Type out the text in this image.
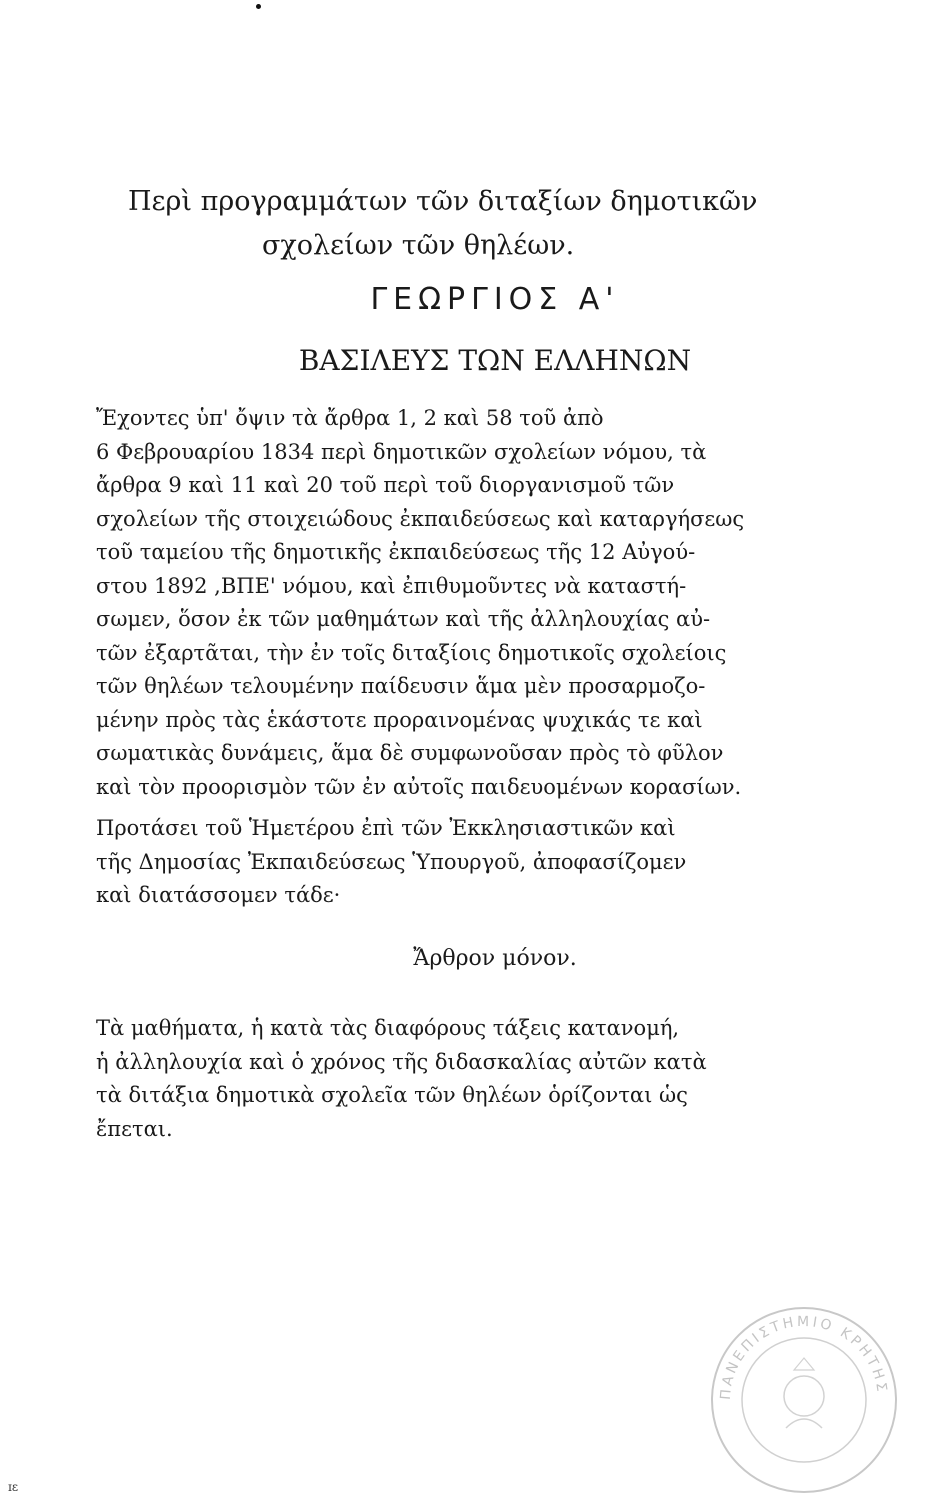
Περὶ προγραμμάτων τῶν διταξίων δημοτικῶν
σχολείων τῶν θηλέων.
ΓΕΩΡΓΙΟΣ Α'
ΒΑΣΙΛΕΥΣ ΤΩΝ ΕΛΛΗΝΩΝ
Ἔχοντες ὑπ' ὄψιν τὰ ἄρθρα 1, 2 καὶ 58 τοῦ ἀπὸ
6 Φεβρουαρίου 1834 περὶ δημοτικῶν σχολείων νόμου, τὰ
ἄρθρα 9 καὶ 11 καὶ 20 τοῦ περὶ τοῦ διοργανισμοῦ τῶν
σχολείων τῆς στοιχειώδους ἐκπαιδεύσεως καὶ καταργήσεως
τοῦ ταμείου τῆς δημοτικῆς ἐκπαιδεύσεως τῆς 12 Αὐγού-
στου 1892 ,ΒΠΕ' νόμου, καὶ ἐπιθυμοῦντες νὰ καταστή-
σωμεν, ὅσον ἐκ τῶν μαθημάτων καὶ τῆς ἀλληλουχίας αὐ-
τῶν ἐξαρτᾶται, τὴν ἐν τοῖς διταξίοις δημοτικοῖς σχολείοις
τῶν θηλέων τελουμένην παίδευσιν ἅμα μὲν προσαρμοζο-
μένην πρὸς τὰς ἑκάστοτε προραινομένας ψυχικάς τε καὶ
σωματικὰς δυνάμεις, ἅμα δὲ συμφωνοῦσαν πρὸς τὸ φῦλον
καὶ τὸν προορισμὸν τῶν ἐν αὐτοῖς παιδευομένων κορασίων.
Προτάσει τοῦ Ἡμετέρου ἐπὶ τῶν Ἐκκλησιαστικῶν καὶ
τῆς Δημοσίας Ἐκπαιδεύσεως Ὑπουργοῦ, ἀποφασίζομεν
καὶ διατάσσομεν τάδε·
Ἄρθρον μόνον.
Τὰ μαθήματα, ἡ κατὰ τὰς διαφόρους τάξεις κατανομή,
ἡ ἀλληλουχία καὶ ὁ χρόνος τῆς διδασκαλίας αὐτῶν κατὰ
τὰ διτάξια δημοτικὰ σχολεῖα τῶν θηλέων ὁρίζονται ὡς
ἔπεται.
ΠΑΝΕΠΙΣΤΗΜΙΟ ΚΡΗΤΗΣ
ɪɛ
